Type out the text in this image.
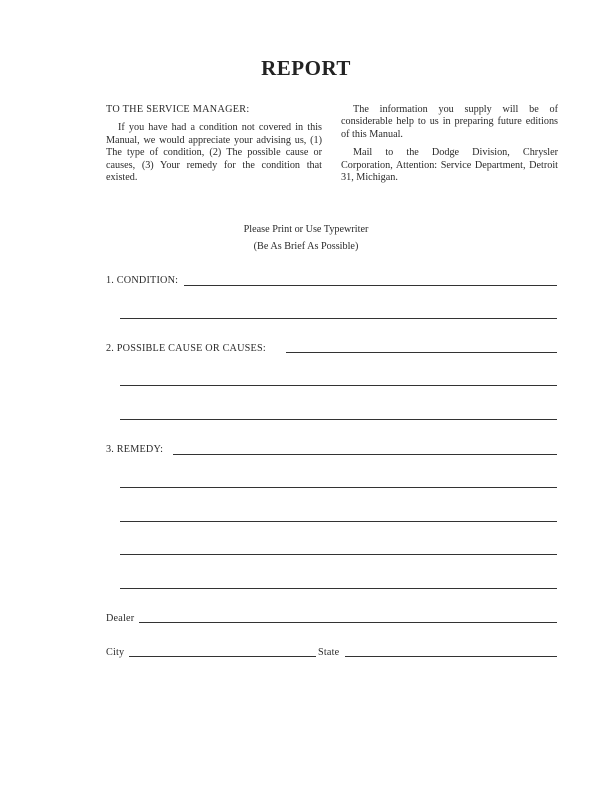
REPORT

TO THE SERVICE MANAGER:

If you have had a condition not covered in this Manual, we would appreciate your advising us, (1) The type of condition, (2) The possible cause or causes, (3) Your remedy for the condition that existed.

The information you supply will be of considerable help to us in preparing future editions of this Manual.

Mail to the Dodge Division, Chrysler Corporation, Attention: Service Department, Detroit 31, Michigan.

Please Print or Use Typewriter
(Be As Brief As Possible)
1. CONDITION:
2. POSSIBLE CAUSE OR CAUSES:
3. REMEDY:
Dealer
City	State
